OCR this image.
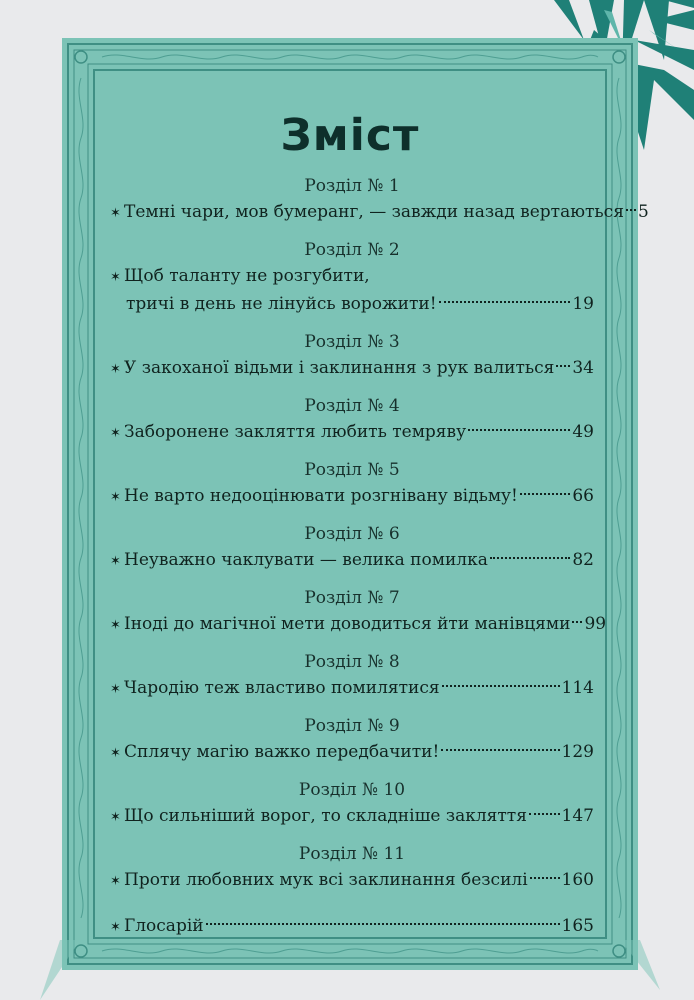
Зміст
Розділ № 1
✶ Темні чари, мов бумеранг, — завжди назад вертаються 5
Розділ № 2
✶ Щоб таланту не розгубити,
тричі в день не лінуйсь ворожити!	19
Розділ № 3
✶ У закоханої відьми і заклинання з рук валиться 34
Розділ № 4
✶ Заборонене закляття любить темряву	49
Розділ № 5
✶ Не варто недооцінювати розгнівану відьму!	66
Розділ № 6
✶ Неуважно чаклувати — велика помилка	82
Розділ № 7
✶ Іноді до магічної мети доводиться йти манівцями 99
Розділ № 8
✶ Чародію теж властиво помилятися	114
Розділ № 9
✶ Сплячу магію важко передбачити!	129
Розділ № 10
✶ Що сильніший ворог, то складніше закляття 147
Розділ № 11
✶ Проти любовних мук всі заклинання безсилі 160
✶ Глосарій	165
